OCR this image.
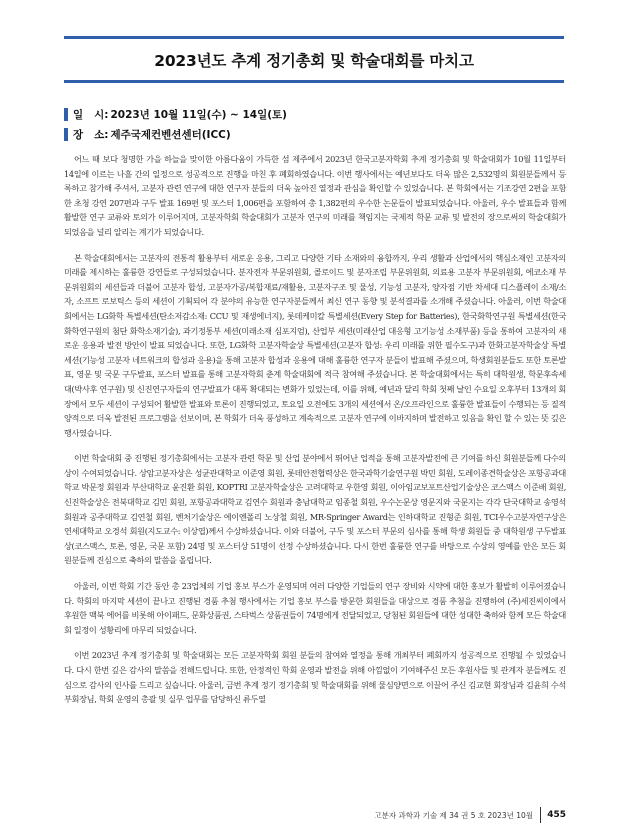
2023년도 추계 정기총회 및 학술대회를 마치고
일   시: 2023년 10월 11일(수) ~ 14일(토)
장   소: 제주국제컨벤션센터(ICC)

어느 때 보다 청명한 가을 하늘을 맞이한 아름다움이 가득한 섬 제주에서 2023년 한국고분자학회 추계 정기총회 및 학술대회가 10월 11일부터 14일에 이르는 나흘 간의 일정으로 성공적으로 진행을 마친 후 폐회하였습니다. 이번 행사에서는 예년보다도 더욱 많은 2,532명의 회원분들께서 등록하고 참가해 주셔서, 고분자 관련 연구에 대한 연구자 분들의 더욱 높아진 열정과 관심을 확인할 수 있었습니다. 본 학회에서는 기조강연 2편을 포함한 초청 강연 207편과 구두 발표 169편 및 포스터 1,006편을 포함하여 총 1,382편의 우수한 논문들이 발표되었습니다. 아울러, 우수 발표들과 함께 활발한 연구 교류와 토의가 이루어지며, 고분자학회 학술대회가 고분자 연구의 미래를 책임지는 국제적 학문 교류 및 발전의 장으로써의 학술대회가 되었음을 널리 알리는 계기가 되었습니다.

본 학술대회에서는 고분자의 전통적 활용부터 새로운 응용, 그리고 다양한 기타 소재와의 융합까지, 우리 생활과 산업에서의 핵심소재인 고분자의 미래를 제시하는 훌륭한 강연들로 구성되었습니다. 분자전자 부문위원회, 콜로이드 및 분자조립 부문위원회, 의료용 고분자 부문위원회, 에코소재 부문위원회의 세션들과 더불어 고분자 합성, 고분자가공/복합재료/재활용, 고분자구조 및 물성, 기능성 고분자, 양자점 기반 차세대 디스플레이 소재/소자, 소프트 로보틱스 등의 세션이 기획되어 각 분야의 유능한 연구자분들께서 최신 연구 동향 및 분석결과를 소개해 주셨습니다. 아울러, 이번 학술대회에서는 LG화학 특별세션(탄소저감소재: CCU 및 재생에너지), 롯데케미칼 특별세션(Every Step for Batteries), 한국화학연구원 특별세션(한국화학연구원의 첨단 화학소재기술), 과기정통부 세션(미래소재 심포지엄), 산업부 세션(미래산업 대응형 고기능성 소재부품) 등을 통하여 고분자의 새로운 응용과 발전 방안이 발표 되었습니다. 또한, LG화학 고분자학술상 특별세션(고분자 합성: 우리 미래를 위한 필수도구)과 한화고분자학술상 특별세션(기능성 고분자 네트워크의 합성과 응용)을 통해 고분자 합성과 응용에 대해 훌륭한 연구자 분들이 발표해 주셨으며, 학생회원분들도 또한 토론발표, 영문 및 국문 구두발표, 포스터 발표를 통해 고분자학회 춘계 학술대회에 적극 참여해 주셨습니다. 본 학술대회에서는 특히 대학원생, 학문후속세대(박사후 연구원) 및 신진연구자들의 연구발표가 대폭 확대되는 변화가 있었는데, 이를 위해, 예년과 달리 학회 첫째 날인 수요일 오후부터 13개의 회장에서 모두 세션이 구성되어 활발한 발표와 토론이 진행되었고, 토요일 오전에도 3개의 세션에서 온/오프라인으로 훌륭한 발표들이 수행되는 등 질적 양적으로 더욱 발전된 프로그램을 선보이며, 본 학회가 더욱 풍성하고 계속적으로 고분자 연구에 이바지하며 발전하고 있음을 확인 할 수 있는 뜻 깊은 행사였습니다.

이번 학술대회 중 진행된 정기총회에서는 고분자 관련 학문 및 산업 분야에서 뛰어난 업적을 통해 고분자발전에 큰 기여를 하신 회원분들께 다수의 상이 수여되었습니다. 상암고분자상은 성균관대학교 이준영 회원, 롯데안전협력상은 한국과학기술연구원 박민 회원, 도레이종견학술상은 포항공과대학교 박문정 회원과 부산대학교 윤진환 회원, KOPTRI 고분자학술상은 고려대학교 우한영 회원, 이아임교보포트산업기술상은 코스맥스 이준배 회원, 신진학술상은 전북대학교 김민 회원, 포항공과대학교 김연수 회원과 충남대학교 임종철 회원, 우수논문상 영문지와 국문지는 각각 단국대학교 송영석 회원과 공주대학교 김연철 회원, 벤처기술상은 에이엔폴리 노상철 회원, MR-Springer Award는 인하대학교 진형준 회원, TCI우수고분자연구상은 연세대학교 오경석 회원(지도교수: 이상엽)께서 수상하셨습니다. 이와 더불어, 구두 및 포스터 부문의 심사를 통해 학생 회원들 중 대학원생 구두발표상(코스맥스, 토론, 영문, 국문 포함) 24명 및 포스터상 51명이 선정 수상하셨습니다. 다시 한번 훌륭한 연구를 바탕으로 수상의 영예를 안은 모든 회원분들께 진심으로 축하의 말씀을 올립니다.

아울러, 이번 학회 기간 동안 총 23업체의 기업 홍보 부스가 운영되며 여러 다양한 기업들의 연구 장비와 시약에 대한 홍보가 활발히 이루어졌습니다. 학회의 마지막 세션이 끝나고 진행된 경품 추첨 행사에서는 기업 홍보 부스를 방문한 회원들을 대상으로 경품 추첨을 진행하여 (주)세진씨이에서 후원한 맥북 에어를 비롯해 아이패드, 문화상품권, 스타벅스 상품권들이 74명에게 전달되었고, 당첨된 회원들에 대한 성대한 축하와 함께 모든 학술대회 일정이 성황리에 마무리 되었습니다.

이번 2023년 추계 정기총회 및 학술대회는 모든 고분자학회 회원 분들의 참여와 열정을 통해 개최부터 폐회까지 성공적으로 진행될 수 있었습니다. 다시 한번 깊은 감사의 말씀을 전해드립니다. 또한, 안정적인 학회 운영과 발전을 위해 아낌없이 기여해주신 모든 후원사들 및 관계자 분들께도 진심으로 감사의 인사를 드리고 싶습니다. 아울러, 금번 추계 정기 정기총회 및 학술대회를 위해 물심양면으로 이끌어 주신 김교현 회장님과 김윤희 수석부회장님, 학회 운영의 총괄 및 실무 업무를 담당하신 류두열

고분자 과학과 기술 제 34 권 5 호 2023년 10월 455
